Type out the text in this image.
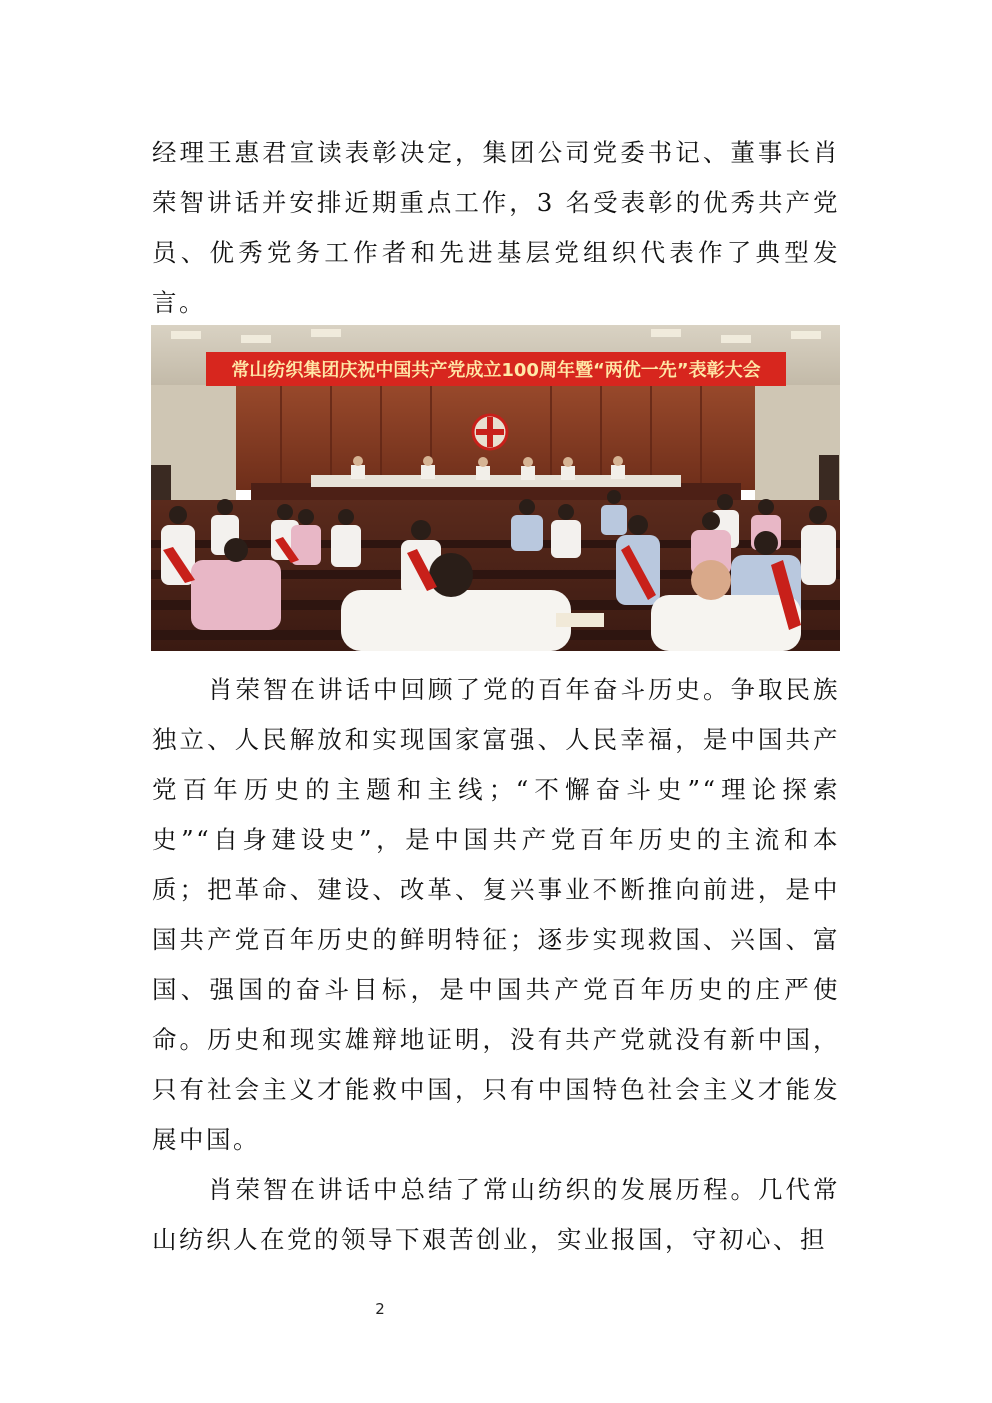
经理王惠君宣读表彰决定，集团公司党委书记、董事长肖荣智讲话并安排近期重点工作，3 名受表彰的优秀共产党员、优秀党务工作者和先进基层党组织代表作了典型发言。

常山纺织集团庆祝中国共产党成立100周年暨“两优一先”表彰大会

肖荣智在讲话中回顾了党的百年奋斗历史。争取民族独立、人民解放和实现国家富强、人民幸福，是中国共产党百年历史的主题和主线；“不懈奋斗史”“理论探索史”“自身建设史”，是中国共产党百年历史的主流和本质；把革命、建设、改革、复兴事业不断推向前进，是中国共产党百年历史的鲜明特征；逐步实现救国、兴国、富国、强国的奋斗目标，是中国共产党百年历史的庄严使命。历史和现实雄辩地证明，没有共产党就没有新中国，只有社会主义才能救中国，只有中国特色社会主义才能发展中国。

肖荣智在讲话中总结了常山纺织的发展历程。几代常山纺织人在党的领导下艰苦创业，实业报国，守初心、担

2
